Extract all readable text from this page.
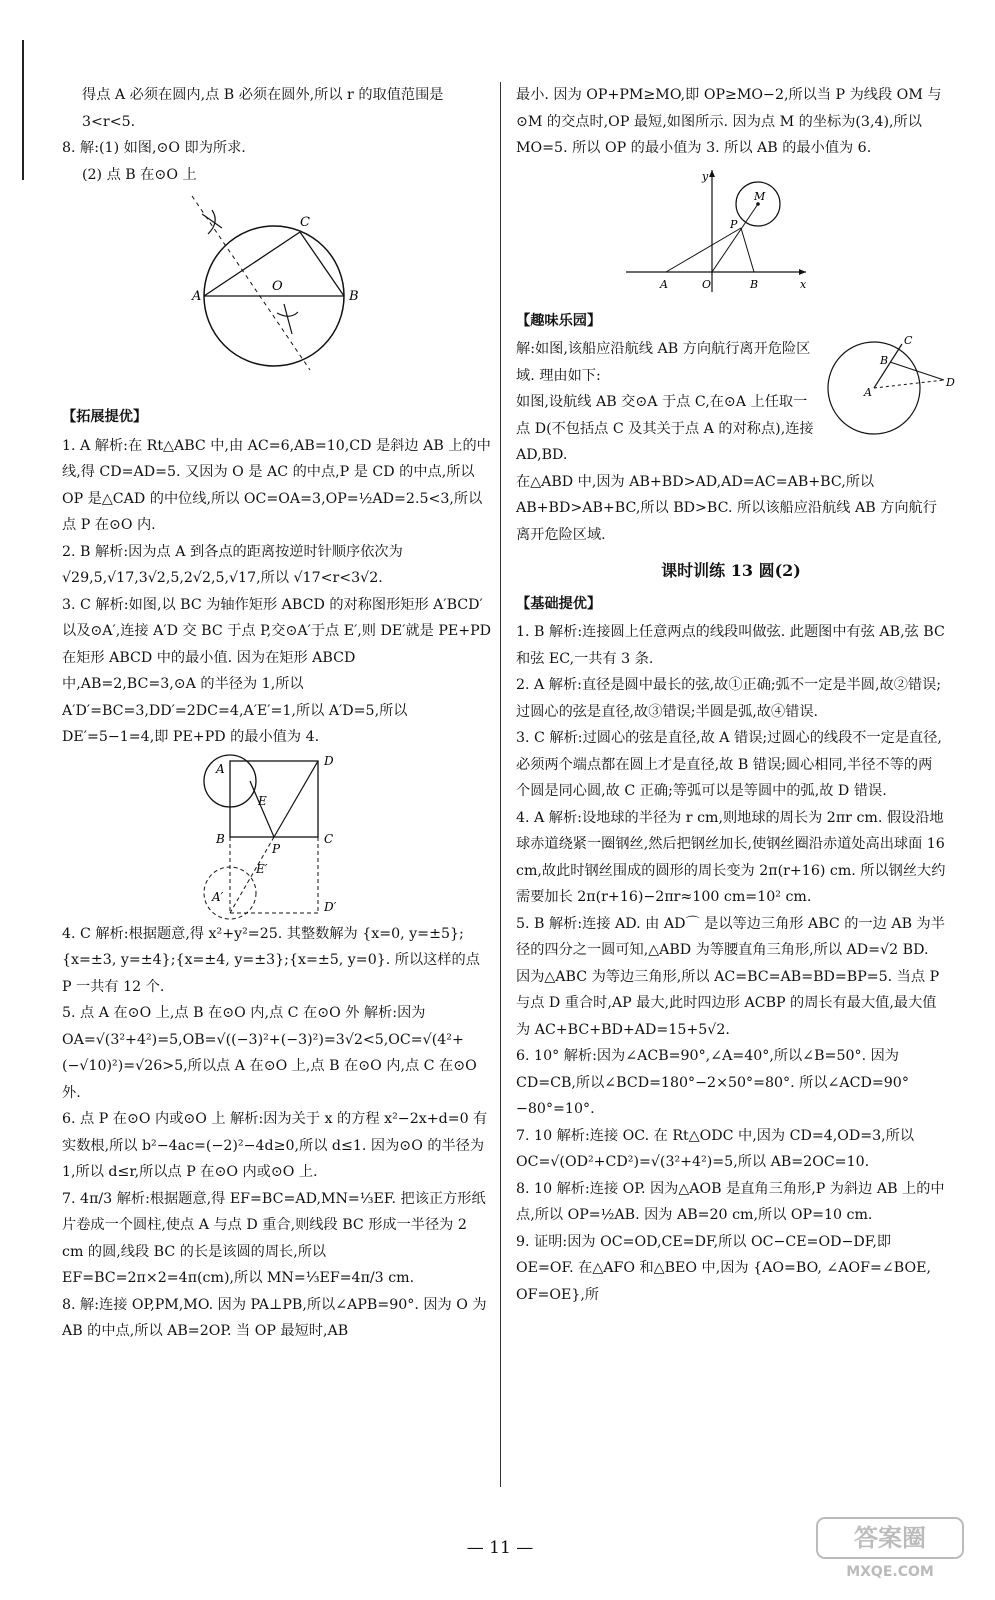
得点 A 必须在圆内,点 B 必须在圆外,所以 r 的取值范围是 3<r<5.

8. 解:(1) 如图,⊙O 即为所求.

(2) 点 B 在⊙O 上

A	B
C
O

【拓展提优】

1. A 解析:在 Rt△ABC 中,由 AC=6,AB=10,CD 是斜边 AB 上的中线,得 CD=AD=5. 又因为 O 是 AC 的中点,P 是 CD 的中点,所以 OP 是△CAD 的中位线,所以 OC=OA=3,OP=½AD=2.5<3,所以点 P 在⊙O 内.

2. B 解析:因为点 A 到各点的距离按逆时针顺序依次为 √29,5,√17,3√2,5,2√2,5,√17,所以 √17<r<3√2.

3. C 解析:如图,以 BC 为轴作矩形 ABCD 的对称图形矩形 A′BCD′以及⊙A′,连接 A′D 交 BC 于点 P,交⊙A′于点 E′,则 DE′就是 PE+PD 在矩形 ABCD 中的最小值. 因为在矩形 ABCD 中,AB=2,BC=3,⊙A 的半径为 1,所以 A′D′=BC=3,DD′=2DC=4,A′E′=1,所以 A′D=5,所以 DE′=5−1=4,即 PE+PD 的最小值为 4.

A
D
E
B
P
C
E′
A′
D′

4. C 解析:根据题意,得 x²+y²=25. 其整数解为 {x=0, y=±5};{x=±3, y=±4};{x=±4, y=±3};{x=±5, y=0}. 所以这样的点 P 一共有 12 个.

5. 点 A 在⊙O 上,点 B 在⊙O 内,点 C 在⊙O 外 解析:因为 OA=√(3²+4²)=5,OB=√((−3)²+(−3)²)=3√2<5,OC=√(4²+(−√10)²)=√26>5,所以点 A 在⊙O 上,点 B 在⊙O 内,点 C 在⊙O 外.

6. 点 P 在⊙O 内或⊙O 上 解析:因为关于 x 的方程 x²−2x+d=0 有实数根,所以 b²−4ac=(−2)²−4d≥0,所以 d≤1. 因为⊙O 的半径为 1,所以 d≤r,所以点 P 在⊙O 内或⊙O 上.

7. 4π/3 解析:根据题意,得 EF=BC=AD,MN=⅓EF. 把该正方形纸片卷成一个圆柱,使点 A 与点 D 重合,则线段 BC 形成一半径为 2 cm 的圆,线段 BC 的长是该圆的周长,所以 EF=BC=2π×2=4π(cm),所以 MN=⅓EF=4π/3 cm.

8. 解:连接 OP,PM,MO. 因为 PA⊥PB,所以∠APB=90°. 因为 O 为 AB 的中点,所以 AB=2OP. 当 OP 最短时,AB

最小. 因为 OP+PM≥MO,即 OP≥MO−2,所以当 P 为线段 OM 与⊙M 的交点时,OP 最短,如图所示. 因为点 M 的坐标为(3,4),所以 MO=5. 所以 OP 的最小值为 3. 所以 AB 的最小值为 6.

y
M
P
A	O	B	x

【趣味乐园】

C
B
A
D

解:如图,该船应沿航线 AB 方向航行离开危险区域. 理由如下:

如图,设航线 AB 交⊙A 于点 C,在⊙A 上任取一点 D(不包括点 C 及其关于点 A 的对称点),连接 AD,BD.

在△ABD 中,因为 AB+BD>AD,AD=AC=AB+BC,所以 AB+BD>AB+BC,所以 BD>BC. 所以该船应沿航线 AB 方向航行离开危险区域.

课时训练 13 圆(2)

【基础提优】

1. B 解析:连接圆上任意两点的线段叫做弦. 此题图中有弦 AB,弦 BC 和弦 EC,一共有 3 条.

2. A 解析:直径是圆中最长的弦,故①正确;弧不一定是半圆,故②错误;过圆心的弦是直径,故③错误;半圆是弧,故④错误.

3. C 解析:过圆心的弦是直径,故 A 错误;过圆心的线段不一定是直径,必须两个端点都在圆上才是直径,故 B 错误;圆心相同,半径不等的两个圆是同心圆,故 C 正确;等弧可以是等圆中的弧,故 D 错误.

4. A 解析:设地球的半径为 r cm,则地球的周长为 2πr cm. 假设沿地球赤道绕紧一圈钢丝,然后把钢丝加长,使钢丝圈沿赤道处高出球面 16 cm,故此时钢丝围成的圆形的周长变为 2π(r+16) cm. 所以钢丝大约需要加长 2π(r+16)−2πr≈100 cm=10² cm.

5. B 解析:连接 AD. 由 AD⌒ 是以等边三角形 ABC 的一边 AB 为半径的四分之一圆可知,△ABD 为等腰直角三角形,所以 AD=√2 BD. 因为△ABC 为等边三角形,所以 AC=BC=AB=BD=BP=5. 当点 P 与点 D 重合时,AP 最大,此时四边形 ACBP 的周长有最大值,最大值为 AC+BC+BD+AD=15+5√2.

6. 10° 解析:因为∠ACB=90°,∠A=40°,所以∠B=50°. 因为 CD=CB,所以∠BCD=180°−2×50°=80°. 所以∠ACD=90°−80°=10°.

7. 10 解析:连接 OC. 在 Rt△ODC 中,因为 CD=4,OD=3,所以 OC=√(OD²+CD²)=√(3²+4²)=5,所以 AB=2OC=10.

8. 10 解析:连接 OP. 因为△AOB 是直角三角形,P 为斜边 AB 上的中点,所以 OP=½AB. 因为 AB=20 cm,所以 OP=10 cm.

9. 证明:因为 OC=OD,CE=DF,所以 OC−CE=OD−DF,即 OE=OF. 在△AFO 和△BEO 中,因为 {AO=BO, ∠AOF=∠BOE, OF=OE},所

— 11 —	答案圈
MXQE.COM
